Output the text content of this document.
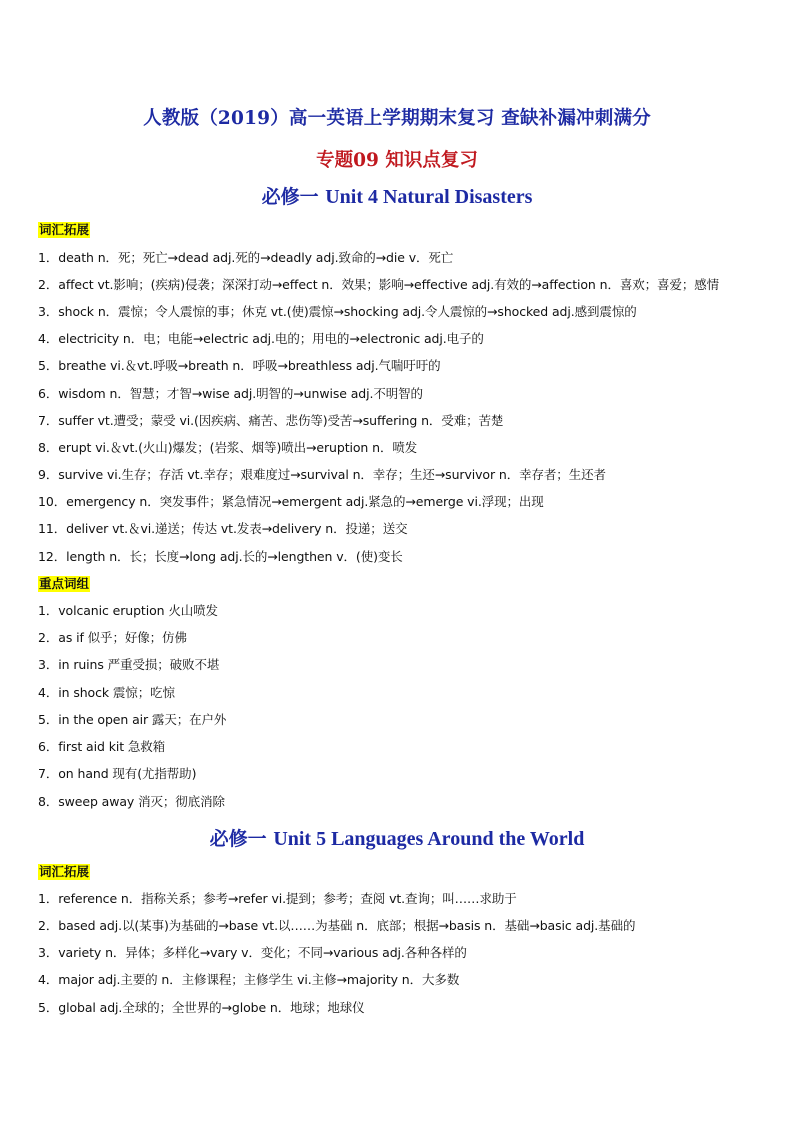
人教版（2019）高一英语上学期期末复习 查缺补漏冲刺满分
专题09 知识点复习
必修一 Unit 4 Natural Disasters
词汇拓展
1．death n．死；死亡→dead adj.死的→deadly adj.致命的→die v．死亡
2．affect vt.影响；(疾病)侵袭；深深打动→effect n．效果；影响→effective adj.有效的→affection n．喜欢；喜爱；感情
3．shock n．震惊；令人震惊的事；休克 vt.(使)震惊→shocking adj.令人震惊的→shocked adj.感到震惊的
4．electricity n．电；电能→electric adj.电的；用电的→electronic adj.电子的
5．breathe vi.＆vt.呼吸→breath n．呼吸→breathless adj.气喘吁吁的
6．wisdom n．智慧；才智→wise adj.明智的→unwise adj.不明智的
7．suffer vt.遭受；蒙受 vi.(因疾病、痛苦、悲伤等)受苦→suffering n．受难；苦楚
8．erupt vi.＆vt.(火山)爆发；(岩浆、烟等)喷出→eruption n．喷发
9．survive vi.生存；存活 vt.幸存；艰难度过→survival n．幸存；生还→survivor n．幸存者；生还者
10．emergency n．突发事件；紧急情况→emergent adj.紧急的→emerge vi.浮现；出现
11．deliver vt.＆vi.递送；传达 vt.发表→delivery n．投递；送交
12．length n．长；长度→long adj.长的→lengthen v．(使)变长
重点词组
1．volcanic eruption 火山喷发
2．as if 似乎；好像；仿佛
3．in ruins 严重受损；破败不堪
4．in shock 震惊；吃惊
5．in the open air 露天；在户外
6．first aid kit 急救箱
7．on hand 现有(尤指帮助)
8．sweep away 消灭；彻底消除
必修一 Unit 5 Languages Around the World
词汇拓展
1．reference n．指称关系；参考→refer vi.提到；参考；查阅 vt.查询；叫……求助于
2．based adj.以(某事)为基础的→base vt.以……为基础 n．底部；根据→basis n．基础→basic adj.基础的
3．variety n．异体；多样化→vary v．变化；不同→various adj.各种各样的
4．major adj.主要的 n．主修课程；主修学生 vi.主修→majority n．大多数
5．global adj.全球的；全世界的→globe n．地球；地球仪
